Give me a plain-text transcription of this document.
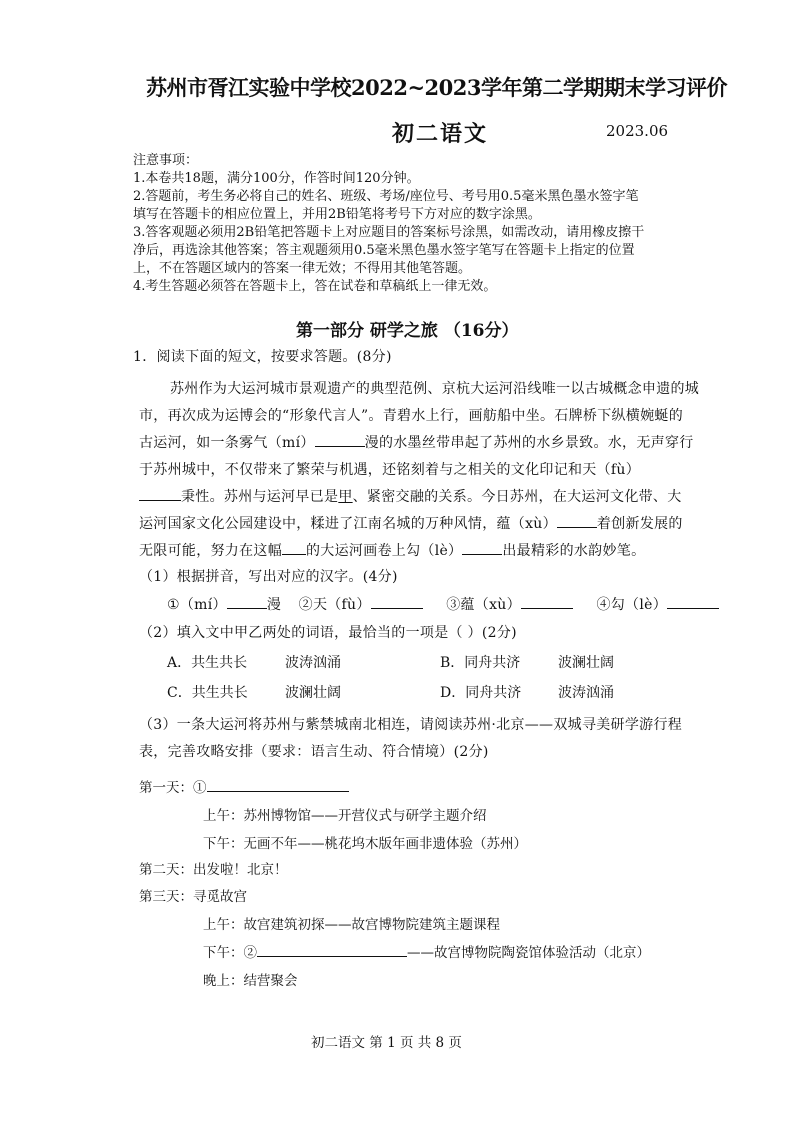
苏州市胥江实验中学校2022~2023学年第二学期期末学习评价
初二语文	2023.06
注意事项：
1.本卷共18题，满分100分，作答时间120分钟。
2.答题前，考生务必将自己的姓名、班级、考场/座位号、考号用0.5毫米黑色墨水签字笔
填写在答题卡的相应位置上，并用2B铅笔将考号下方对应的数字涂黑。
3.答客观题必须用2B铅笔把答题卡上对应题目的答案标号涂黑，如需改动，请用橡皮擦干
净后，再选涂其他答案；答主观题须用0.5毫米黑色墨水签字笔写在答题卡上指定的位置
上，不在答题区域内的答案一律无效；不得用其他笔答题。
4.考生答题必须答在答题卡上，答在试卷和草稿纸上一律无效。
第一部分 研学之旅 （16分）
1．阅读下面的短文，按要求答题。(8分)
苏州作为大运河城市景观遗产的典型范例、京杭大运河沿线唯一以古城概念申遗的城
市，再次成为运博会的“形象代言人”。青碧水上行，画舫船中坐。石牌桥下纵横婉蜒的
古运河，如一条雾气（mí）	漫的水墨丝带串起了苏州的水乡景致。水，无声穿行
于苏州城中，不仅带来了繁荣与机遇，还铭刻着与之相关的文化印记和天（fù）
秉性。苏州与运河早已是甲、紧密交融的关系。今日苏州，在大运河文化带、大
运河国家文化公园建设中，糅进了江南名城的万种风情，蕴（xù）	着创新发展的
无限可能，努力在这幅 的大运河画卷上勾（lè）	出最精彩的水韵妙笔。
（1）根据拼音，写出对应的汉字。(4分)
①（mí）	漫 ②天（fù）	③蕴（xù）	④勾（lè）
（2）填入文中甲乙两处的词语，最恰当的一项是（ ）(2分)
A．共生共长	波涛汹涌	B．同舟共济	波澜壮阔
C．共生共长	波澜壮阔	D．同舟共济	波涛汹涌
（3）一条大运河将苏州与紫禁城南北相连，请阅读苏州·北京——双城寻美研学游行程
表，完善攻略安排（要求：语言生动、符合情境）(2分)
第一天：①
上午：苏州博物馆——开营仪式与研学主题介绍
下午：无画不年——桃花坞木版年画非遗体验（苏州）
第二天：出发啦！北京！
第三天：寻觅故宫
上午：故宫建筑初探——故宫博物院建筑主题课程
下午：②	——故宫博物院陶瓷馆体验活动（北京）
晚上：结营聚会
初二语文 第 1 页 共 8 页
